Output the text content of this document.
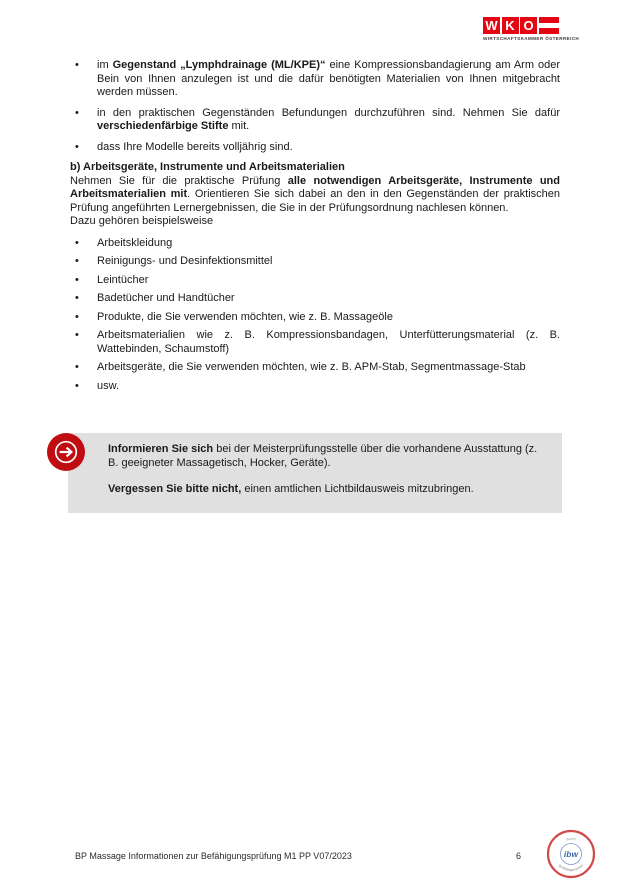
W K O
WIRTSCHAFTSKAMMER ÖSTERREICH
•
im Gegenstand „Lymphdrainage (ML/KPE)“ eine Kompressionsbandagierung am Arm oder Bein von Ihnen anzulegen ist und die dafür benötigten Materialien von Ihnen mitgebracht werden müssen.
•
in den praktischen Gegenständen Befundungen durchzuführen sind. Nehmen Sie dafür verschiedenfärbige Stifte mit.
•
dass Ihre Modelle bereits volljährig sind.
b) Arbeitsgeräte, Instrumente und Arbeitsmaterialien

Nehmen Sie für die praktische Prüfung alle notwendigen Arbeitsgeräte, Instrumente und Arbeitsmaterialien mit. Orientieren Sie sich dabei an den in den Gegenständen der praktischen Prüfung angeführten Lernergebnissen, die Sie in der Prüfungsordnung nachlesen können.

Dazu gehören beispielsweise

•
Arbeitskleidung
•
Reinigungs- und Desinfektionsmittel
•
Leintücher
•
Badetücher und Handtücher
•
Produkte, die Sie verwenden möchten, wie z. B. Massageöle
•
Arbeitsmaterialien wie z. B. Kompressionsbandagen, Unterfütterungsmaterial (z. B. Wattebinden, Schaumstoff)
•
Arbeitsgeräte, die Sie verwenden möchten, wie z. B. APM-Stab, Segmentmassage-Stab
•
usw.

Informieren Sie sich bei der Meisterprüfungsstelle über die vorhandene Ausstattung (z. B. geeigneter Massagetisch, Hocker, Geräte).

Vergessen Sie bitte nicht, einen amtlichen Lichtbildausweis mitzubringen.

BP Massage Informationen zur Befähigungsprüfung M1 PP V07/2023	6
durch
ibw
qualitätsgesichert
